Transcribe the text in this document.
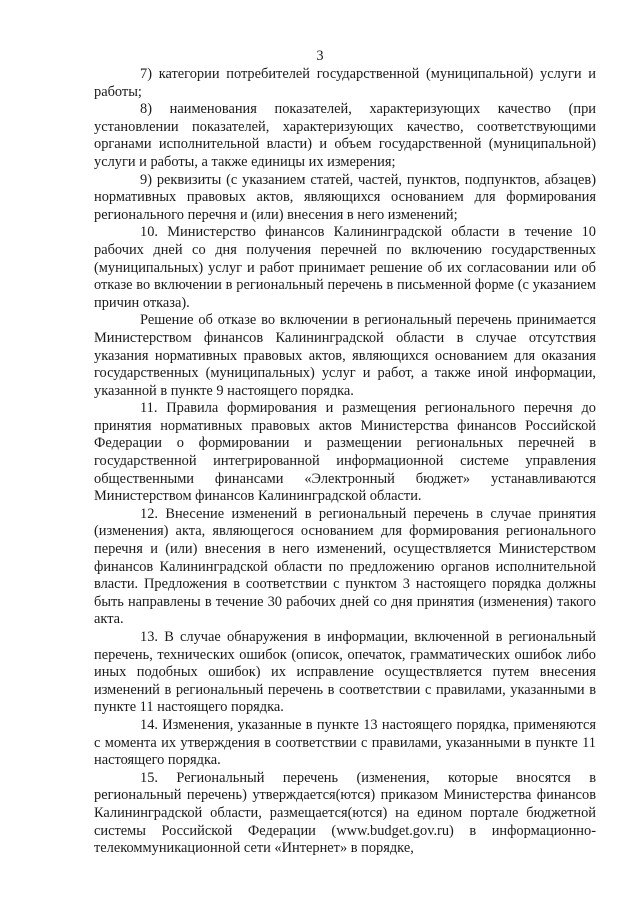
3

7) категории потребителей государственной (муниципальной) услуги и работы;

8) наименования показателей, характеризующих качество (при установлении показателей, характеризующих качество, соответствующими органами исполнительной власти) и объем государственной (муниципальной) услуги и работы, а также единицы их измерения;

9) реквизиты (с указанием статей, частей, пунктов, подпунктов, абзацев) нормативных правовых актов, являющихся основанием для формирования регионального перечня и (или) внесения в него изменений;

10. Министерство финансов Калининградской области в течение 10 рабочих дней со дня получения перечней по включению государственных (муниципальных) услуг и работ принимает решение об их согласовании или об отказе во включении в региональный перечень в письменной форме (с указанием причин отказа).

Решение об отказе во включении в региональный перечень принимается Министерством финансов Калининградской области в случае отсутствия указания нормативных правовых актов, являющихся основанием для оказания государственных (муниципальных) услуг и работ, а также иной информации, указанной в пункте 9 настоящего порядка.

11. Правила формирования и размещения регионального перечня до принятия нормативных правовых актов Министерства финансов Российской Федерации о формировании и размещении региональных перечней в государственной интегрированной информационной системе управления общественными финансами «Электронный бюджет» устанавливаются Министерством финансов Калининградской области.

12. Внесение изменений в региональный перечень в случае принятия (изменения) акта, являющегося основанием для формирования регионального перечня и (или) внесения в него изменений, осуществляется Министерством финансов Калининградской области по предложению органов исполнительной власти. Предложения в соответствии с пунктом 3 настоящего порядка должны быть направлены в течение 30 рабочих дней со дня принятия (изменения) такого акта.

13. В случае обнаружения в информации, включенной в региональный перечень, технических ошибок (описок, опечаток, грамматических ошибок либо иных подобных ошибок) их исправление осуществляется путем внесения изменений в региональный перечень в соответствии с правилами, указанными в пункте 11 настоящего порядка.

14. Изменения, указанные в пункте 13 настоящего порядка, применяются с момента их утверждения в соответствии с правилами, указанными в пункте 11 настоящего порядка.

15. Региональный перечень (изменения, которые вносятся в региональный перечень) утверждается(ются) приказом Министерства финансов Калининградской области, размещается(ются) на едином портале бюджетной системы Российской Федерации (www.budget.gov.ru) в информационно-телекоммуникационной сети «Интернет» в порядке,
